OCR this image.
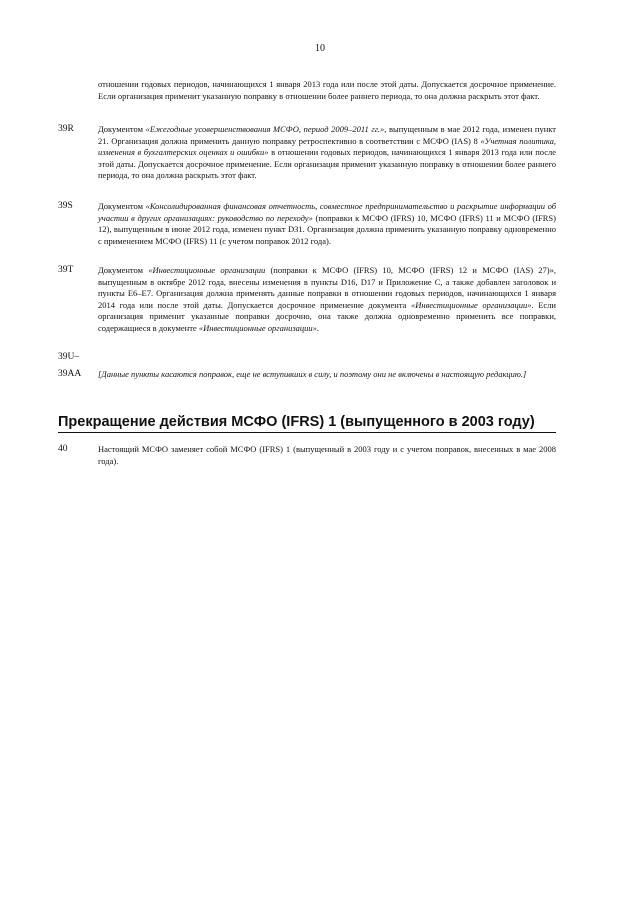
10
отношении годовых периодов, начинающихся 1 января 2013 года или после этой даты. Допускается досрочное применение. Если организация применит указанную поправку в отношении более раннего периода, то она должна раскрыть этот факт.
39R	Документом «Ежегодные усовершенствования МСФО, период 2009–2011 гг.», выпущенным в мае 2012 года, изменен пункт 21. Организация должна применить данную поправку ретроспективно в соответствии с МСФО (IAS) 8 «Учетная политика, изменения в бухгалтерских оценках и ошибки» в отношении годовых периодов, начинающихся 1 января 2013 года или после этой даты. Допускается досрочное применение. Если организация применит указанную поправку в отношении более раннего периода, то она должна раскрыть этот факт.
39S	Документом «Консолидированная финансовая отчетность, совместное предпринимательство и раскрытие информации об участии в других организациях: руководство по переходу» (поправки к МСФО (IFRS) 10, МСФО (IFRS) 11 и МСФО (IFRS) 12), выпущенным в июне 2012 года, изменен пункт D31. Организация должна применить указанную поправку одновременно с применением МСФО (IFRS) 11 (с учетом поправок 2012 года).
39T	Документом «Инвестиционные организации (поправки к МСФО (IFRS) 10, МСФО (IFRS) 12 и МСФО (IAS) 27)», выпущенным в октябре 2012 года, внесены изменения в пункты D16, D17 и Приложение C, а также добавлен заголовок и пункты E6–E7. Организация должна применять данные поправки в отношении годовых периодов, начинающихся 1 января 2014 года или после этой даты. Допускается досрочное применение документа «Инвестиционные организации». Если организация применит указанные поправки досрочно, она также должна одновременно применить все поправки, содержащиеся в документе «Инвестиционные организации».
39U–
39AA [Данные пункты касаются поправок, еще не вступивших в силу, и поэтому они не включены в настоящую редакцию.]
Прекращение действия МСФО (IFRS) 1 (выпущенного в 2003 году)
40	Настоящий МСФО заменяет собой МСФО (IFRS) 1 (выпущенный в 2003 году и с учетом поправок, внесенных в мае 2008 года).
